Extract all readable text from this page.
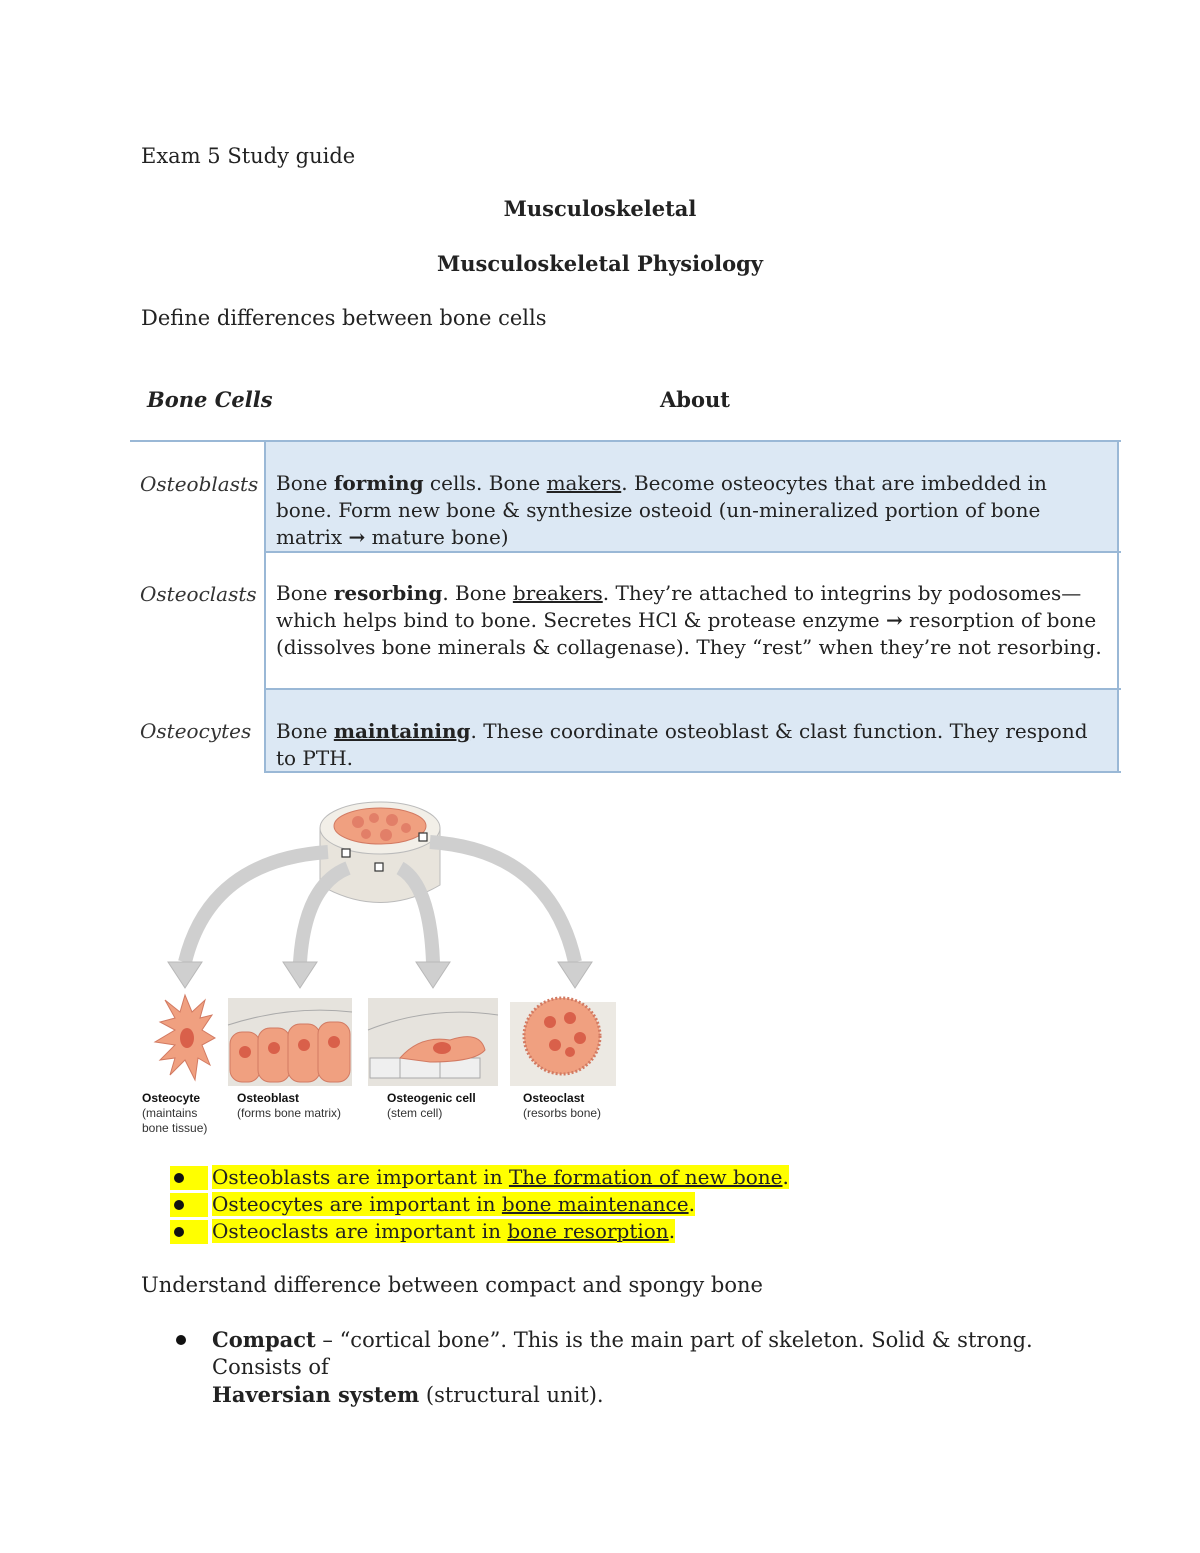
Exam 5 Study guide
Musculoskeletal
Musculoskeletal Physiology
Define differences between bone cells
Bone Cells	About
Osteoblasts Bone forming cells. Bone makers. Become osteocytes that are imbedded in bone. Form new bone & synthesize osteoid (un-mineralized portion of bone matrix → mature bone)
Osteoclasts Bone resorbing. Bone breakers. They’re attached to integrins by podosomes—which helps bind to bone. Secretes HCl & protease enzyme → resorption of bone (dissolves bone minerals & collagenase). They “rest” when they’re not resorbing.
Osteocytes	Bone maintaining. These coordinate osteoblast & clast function. They respond to PTH.
Osteocyte
(maintains
bone tissue)
Osteoblast
(forms bone matrix)
Osteogenic cell
(stem cell)
Osteoclast
(resorbs bone)
Osteoblasts are important in The formation of new bone.
Osteocytes are important in bone maintenance.
Osteoclasts are important in bone resorption.
Understand difference between compact and spongy bone
Compact – “cortical bone”. This is the main part of skeleton. Solid & strong. Consists of
Haversian system (structural unit).
